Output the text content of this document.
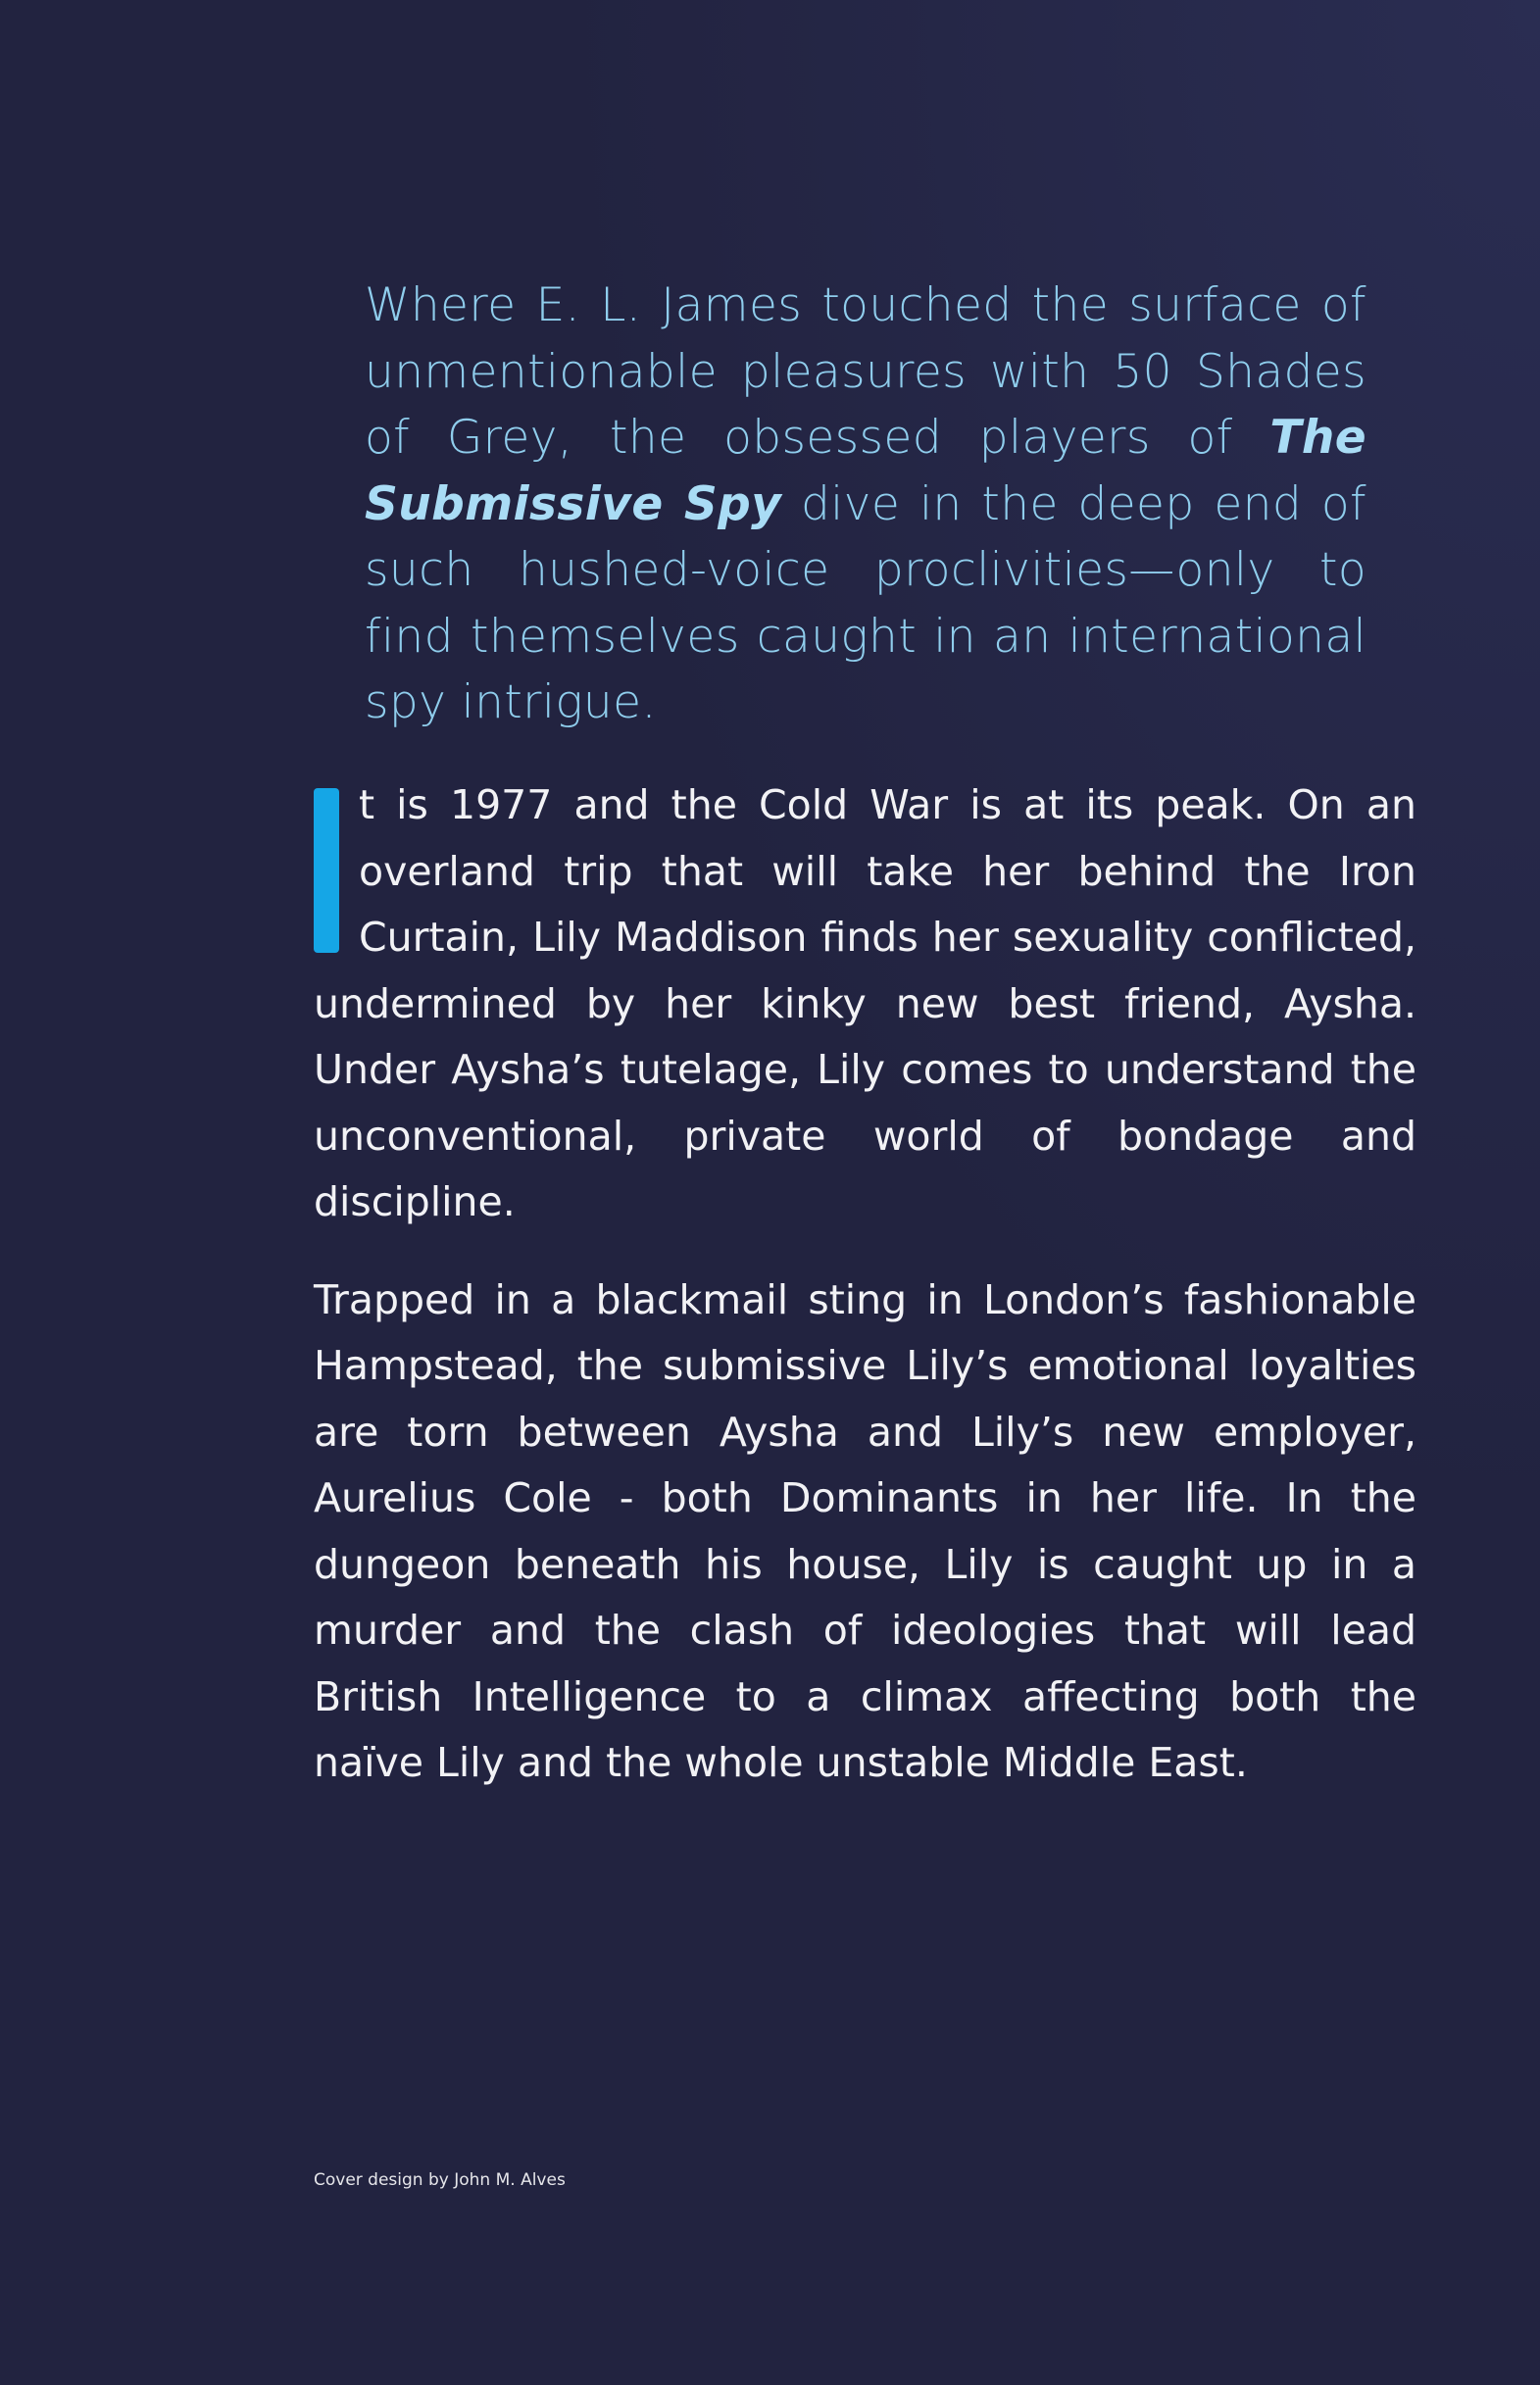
Where E. L. James touched the surface of unmentionable pleasures with 50 Shades of Grey, the obsessed players of The Submissive Spy dive in the deep end of such hushed-voice proclivities—only to find themselves caught in an international spy intrigue.

t is 1977 and the Cold War is at its peak. On an overland trip that will take her behind the Iron Curtain, Lily Maddison finds her sexuality conflicted, undermined by her kinky new best friend, Aysha. Under Aysha’s tutelage, Lily comes to understand the unconventional, private world of bondage and discipline.

Trapped in a blackmail sting in London’s fashionable Hampstead, the submissive Lily’s emotional loyalties are torn between Aysha and Lily’s new employer, Aurelius Cole - both Dominants in her life. In the dungeon beneath his house, Lily is caught up in a murder and the clash of ideologies that will lead British Intelligence to a climax affecting both the naïve Lily and the whole unstable Middle East.

Cover design by John M. Alves
